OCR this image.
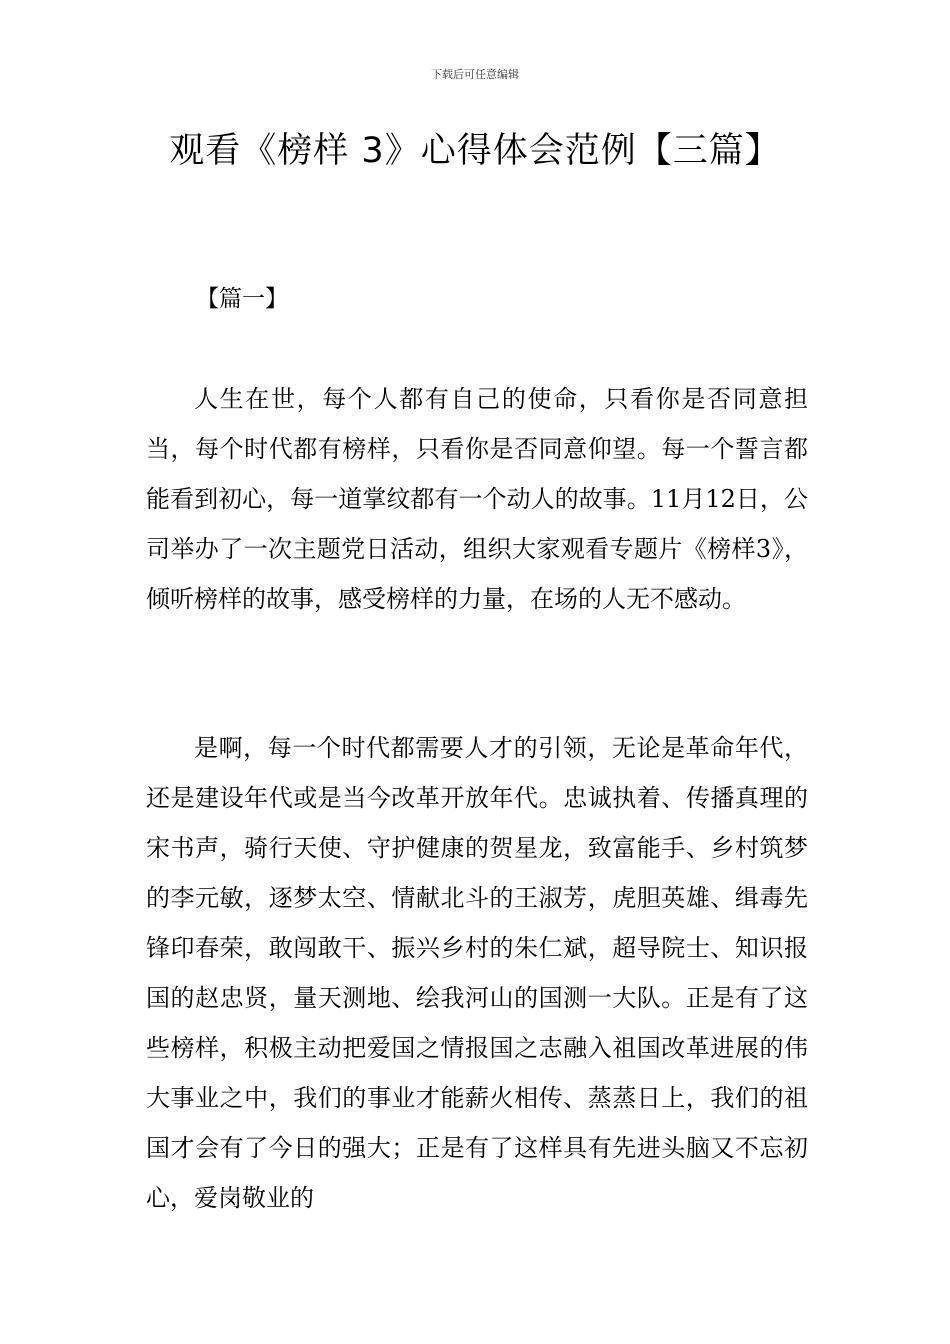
下载后可任意编辑
观看《榜样 3》心得体会范例【三篇】
【篇一】

人生在世，每个人都有自己的使命，只看你是否同意担当，每个时代都有榜样，只看你是否同意仰望。每一个誓言都能看到初心，每一道掌纹都有一个动人的故事。11月12日，公司举办了一次主题党日活动，组织大家观看专题片《榜样3》，倾听榜样的故事，感受榜样的力量，在场的人无不感动。

是啊，每一个时代都需要人才的引领，无论是革命年代，还是建设年代或是当今改革开放年代。忠诚执着、传播真理的宋书声，骑行天使、守护健康的贺星龙，致富能手、乡村筑梦的李元敏，逐梦太空、情献北斗的王淑芳，虎胆英雄、缉毒先锋印春荣，敢闯敢干、振兴乡村的朱仁斌，超导院士、知识报国的赵忠贤，量天测地、绘我河山的国测一大队。正是有了这些榜样，积极主动把爱国之情报国之志融入祖国改革进展的伟大事业之中，我们的事业才能薪火相传、蒸蒸日上，我们的祖国才会有了今日的强大；正是有了这样具有先进头脑又不忘初心，爱岗敬业的
